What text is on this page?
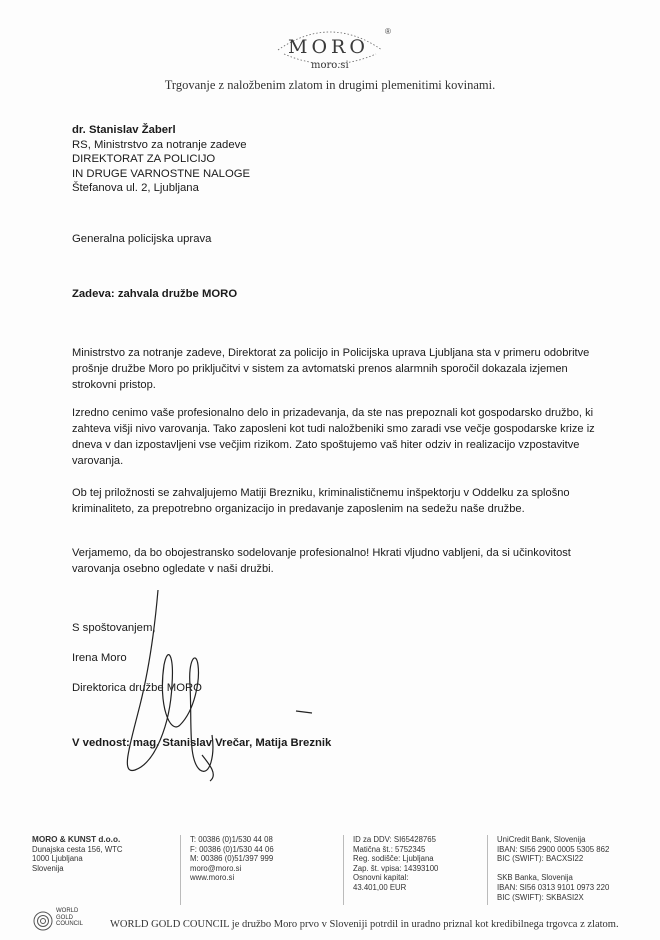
MORO
®
moro.si
Trgovanje z naložbenim zlatom in drugimi plemenitimi kovinami.
dr. Stanislav Žaberl
RS, Ministrstvo za notranje zadeve
DIREKTORAT ZA POLICIJO
IN DRUGE VARNOSTNE NALOGE
Štefanova ul. 2, Ljubljana
Generalna policijska uprava
Zadeva: zahvala družbe MORO
Ministrstvo za notranje zadeve, Direktorat za policijo in Policijska uprava Ljubljana sta v primeru odobritve prošnje družbe Moro po priključitvi v sistem za avtomatski prenos alarmnih sporočil dokazala izjemen strokovni pristop.
Izredno cenimo vaše profesionalno delo in prizadevanja, da ste nas prepoznali kot gospodarsko družbo, ki zahteva višji nivo varovanja. Tako zaposleni kot tudi naložbeniki smo zaradi vse večje gospodarske krize iz dneva v dan izpostavljeni vse večjim rizikom. Zato spoštujemo vaš hiter odziv in realizacijo vzpostavitve varovanja.
Ob tej priložnosti se zahvaljujemo Matiji Brezniku, kriminalističnemu inšpektorju v Oddelku za splošno kriminaliteto, za prepotrebno organizacijo in predavanje zaposlenim na sedežu naše družbe.
Verjamemo, da bo obojestransko sodelovanje profesionalno! Hkrati vljudno vabljeni, da si učinkovitost varovanja osebno ogledate v naši družbi.
S spoštovanjem,
Irena Moro
Direktorica družbe MORO
V vednost: mag. Stanislav Vrečar, Matija Breznik
MORO & KUNST d.o.o.
Dunajska cesta 156, WTC
1000 Ljubljana
Slovenija
T: 00386 (0)1/530 44 08
F: 00386 (0)1/530 44 06
M: 00386 (0)51/397 999
moro@moro.si
www.moro.si
ID za DDV: SI65428765
Matična št.: 5752345
Reg. sodišče: Ljubljana
Zap. št. vpisa: 14393100
Osnovni kapital:
43.401,00 EUR
UniCredit Bank, Slovenija
IBAN: SI56 2900 0005 5305 862
BIC (SWIFT): BACXSI22

SKB Banka, Slovenija
IBAN: SI56 0313 9101 0973 220
BIC (SWIFT): SKBASI2X
WORLD
GOLD
COUNCIL	WORLD GOLD COUNCIL je družbo Moro prvo v Sloveniji potrdil in uradno priznal kot kredibilnega trgovca z zlatom.
